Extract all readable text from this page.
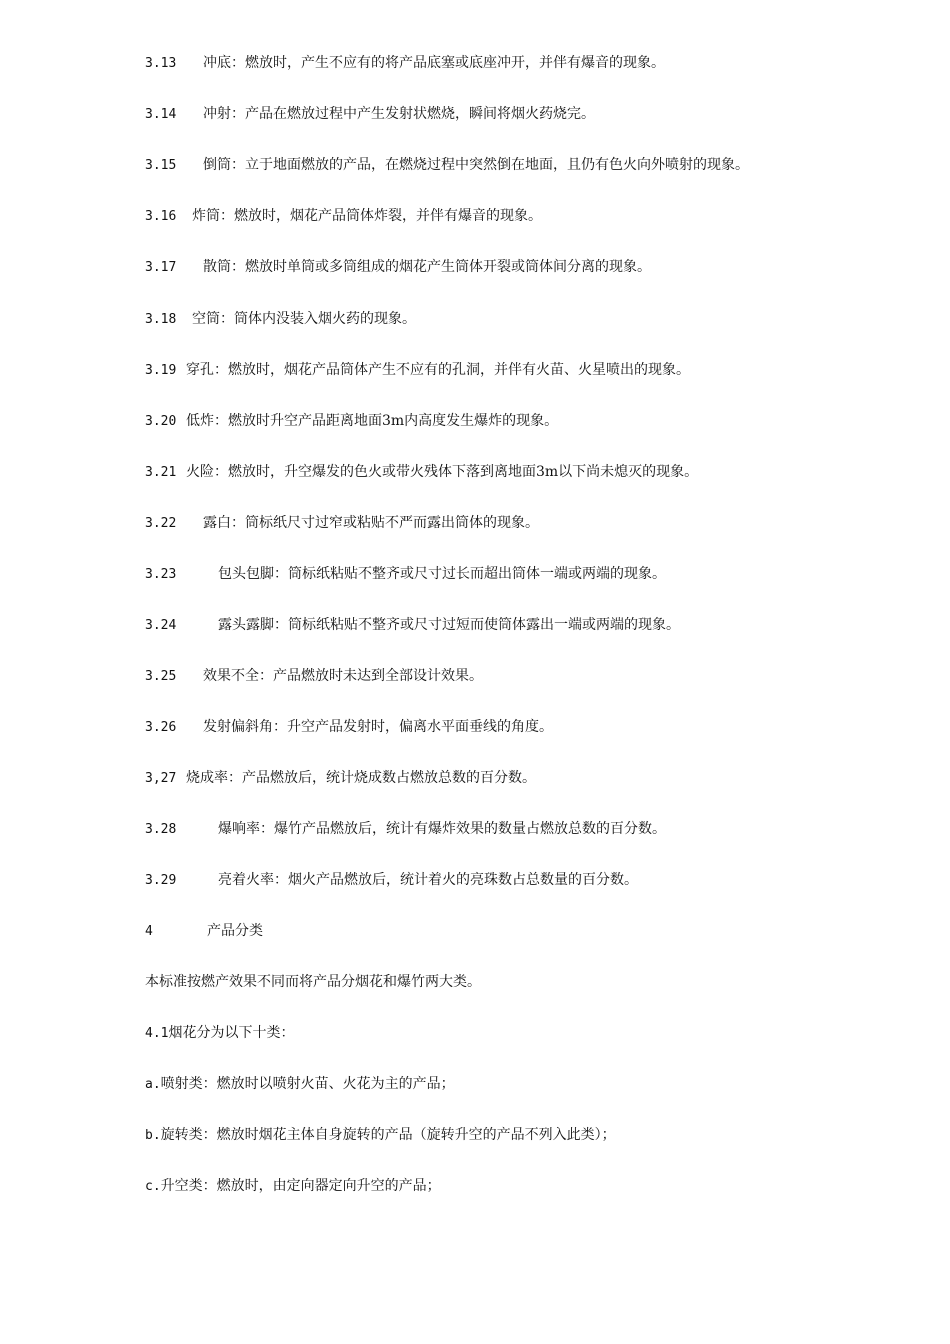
3.13 冲底：燃放时，产生不应有的将产品底塞或底座冲开，并伴有爆音的现象。
3.14 冲射：产品在燃放过程中产生发射状燃烧，瞬间将烟火药烧完。
3.15 倒筒：立于地面燃放的产品，在燃烧过程中突然倒在地面，且仍有色火向外喷射的现象。
3.16 炸筒：燃放时，烟花产品筒体炸裂，并伴有爆音的现象。
3.17 散筒：燃放时单筒或多筒组成的烟花产生筒体开裂或筒体间分离的现象。
3.18 空筒：筒体内没装入烟火药的现象。
3.19 穿孔：燃放时，烟花产品筒体产生不应有的孔洞，并伴有火苗、火星喷出的现象。
3.20 低炸：燃放时升空产品距离地面3m内高度发生爆炸的现象。
3.21 火险：燃放时，升空爆发的色火或带火残体下落到离地面3m以下尚未熄灭的现象。
3.22 露白：筒标纸尺寸过窄或粘贴不严而露出筒体的现象。
3.23	包头包脚：筒标纸粘贴不整齐或尺寸过长而超出筒体一端或两端的现象。
3.24	露头露脚：筒标纸粘贴不整齐或尺寸过短而使筒体露出一端或两端的现象。
3.25 效果不全：产品燃放时未达到全部设计效果。
3.26 发射偏斜角：升空产品发射时，偏离水平面垂线的角度。
3,27 烧成率：产品燃放后，统计烧成数占燃放总数的百分数。
3.28	爆响率：爆竹产品燃放后，统计有爆炸效果的数量占燃放总数的百分数。
3.29	亮着火率：烟火产品燃放后，统计着火的亮珠数占总数量的百分数。
4	产品分类
本标准按燃产效果不同而将产品分烟花和爆竹两大类。
4.1烟花分为以下十类：
a.喷射类：燃放时以喷射火苗、火花为主的产品；
b.旋转类：燃放时烟花主体自身旋转的产品（旋转升空的产品不列入此类）；
c.升空类：燃放时，由定向器定向升空的产品；
